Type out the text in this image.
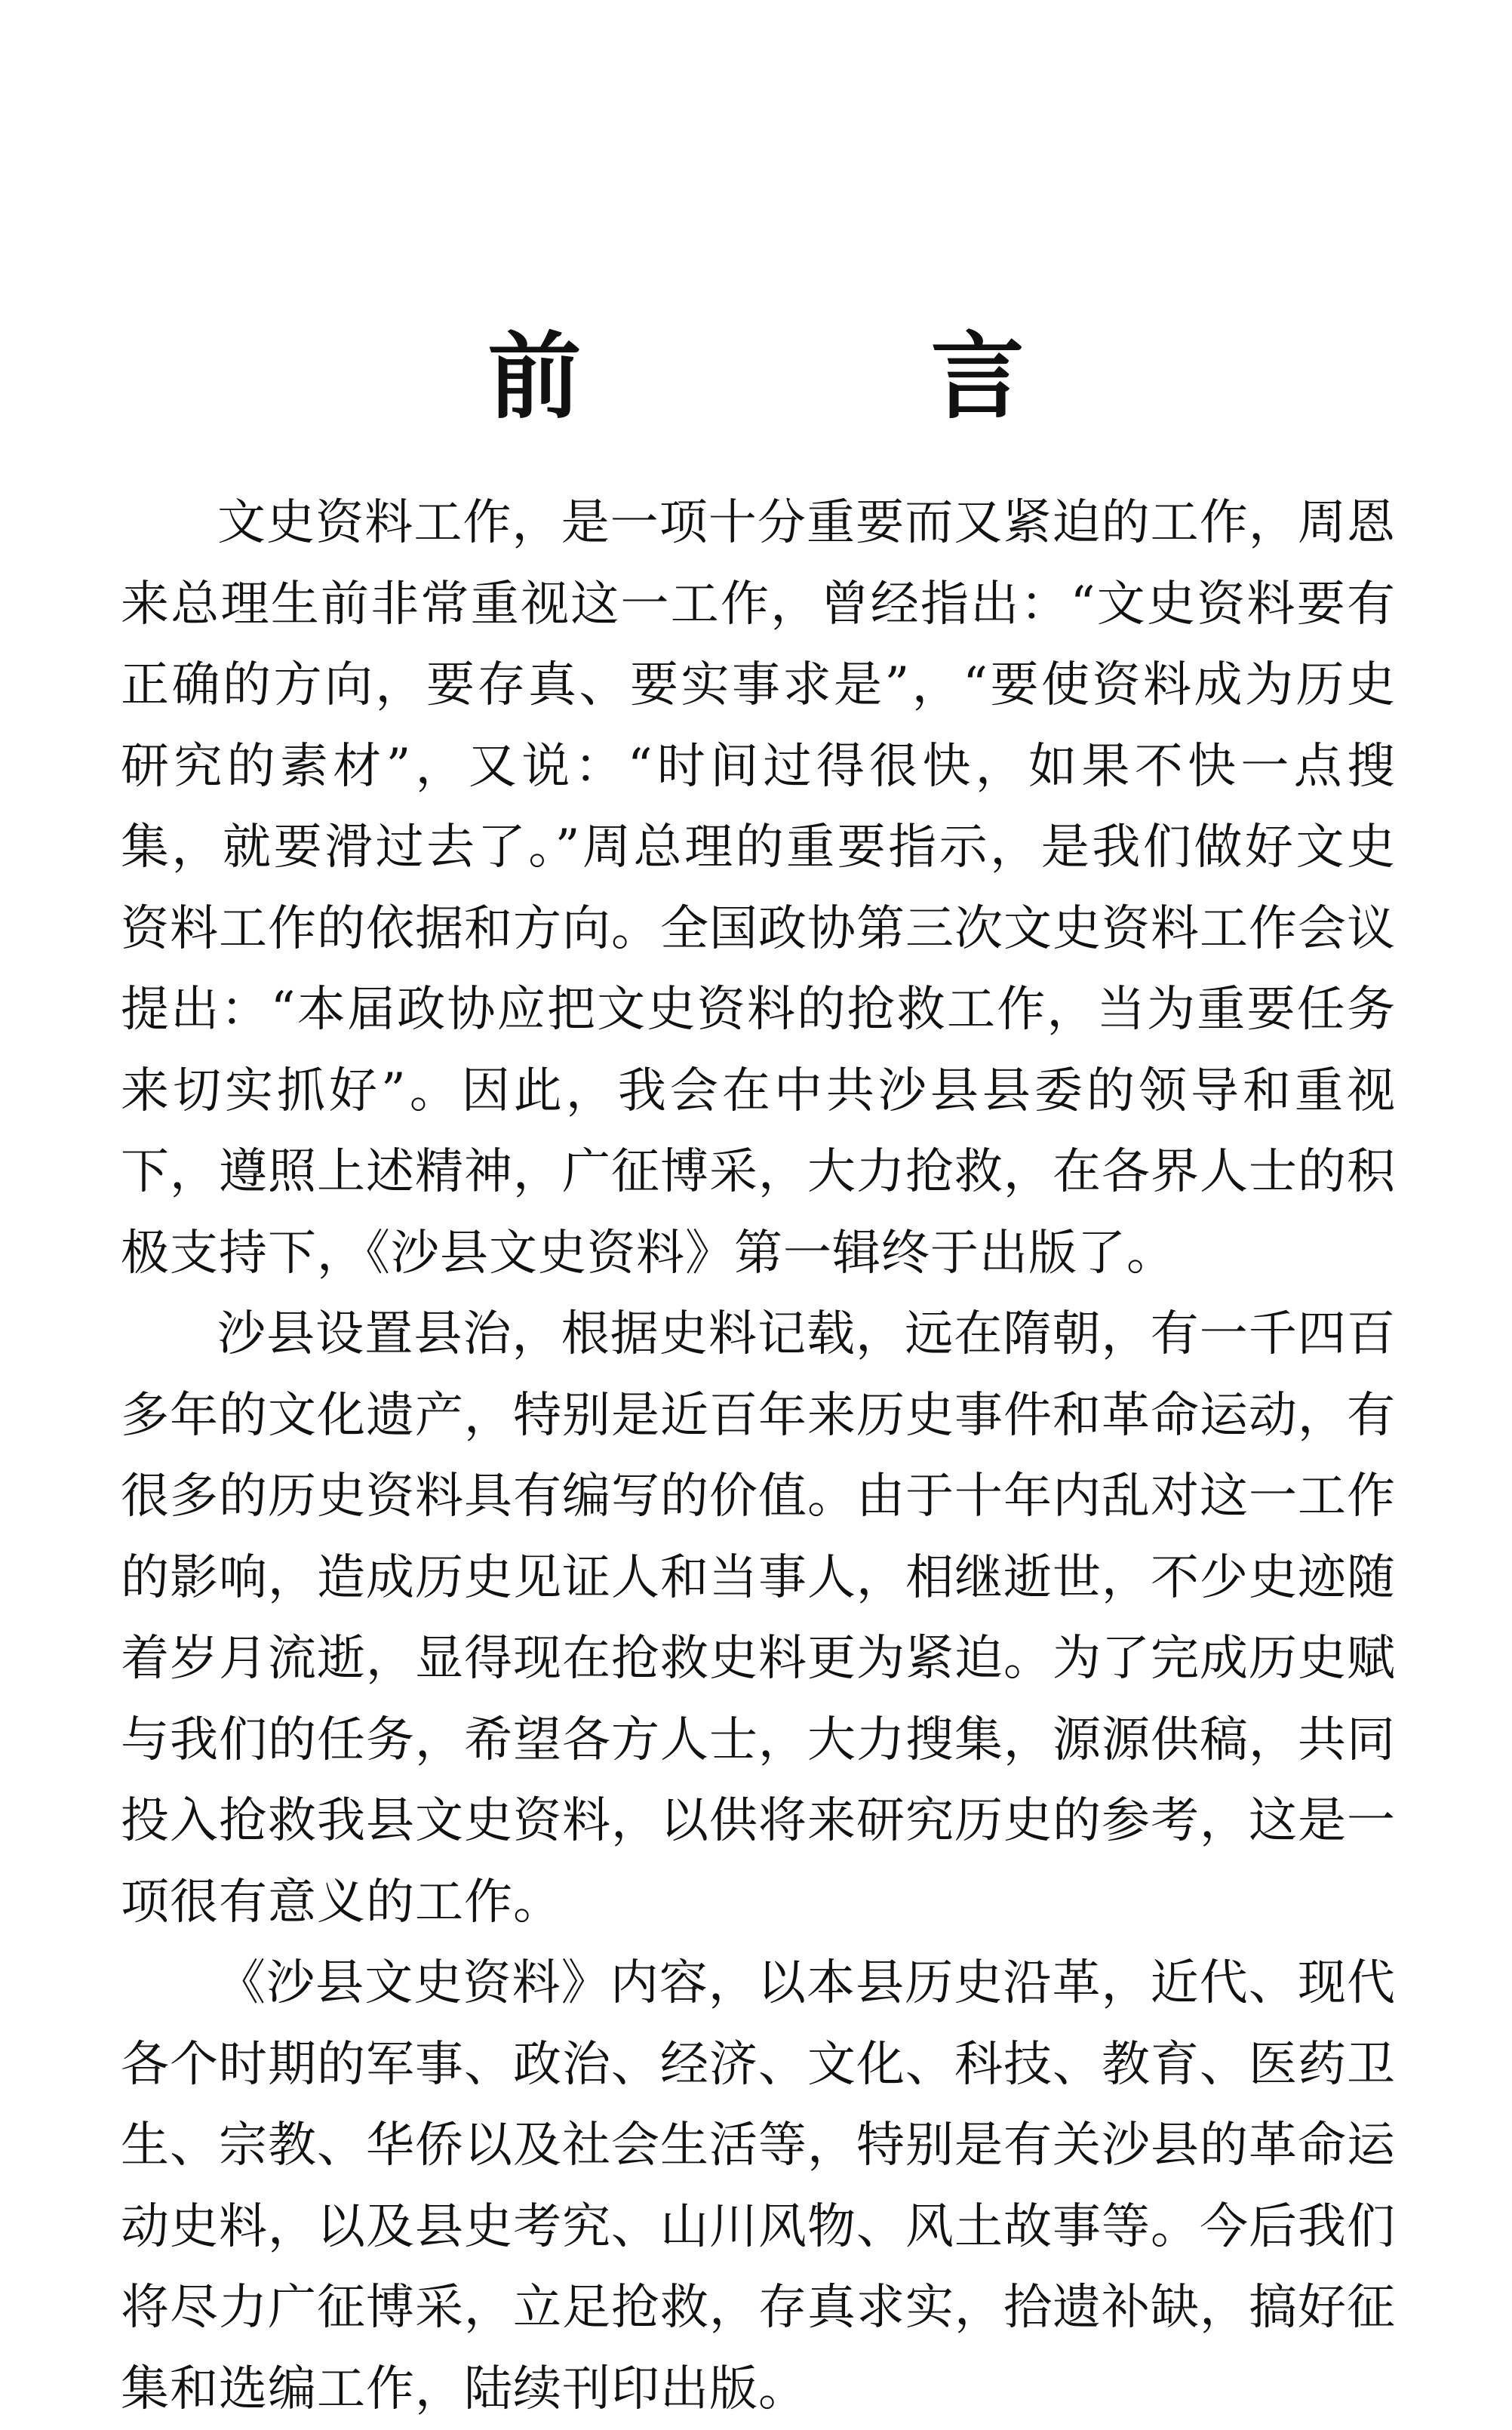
前 言

文史资料工作，是一项十分重要而又紧迫的工作，周恩来总理生前非常重视这一工作，曾经指出：“文史资料要有正确的方向，要存真、要实事求是”，“要使资料成为历史研究的素材”，又说：“时间过得很快，如果不快一点搜集，就要滑过去了。”周总理的重要指示，是我们做好文史资料工作的依据和方向。全国政协第三次文史资料工作会议提出：“本届政协应把文史资料的抢救工作，当为重要任务来切实抓好”。因此，我会在中共沙县县委的领导和重视下，遵照上述精神，广征博采，大力抢救，在各界人士的积极支持下，《沙县文史资料》第一辑终于出版了。

沙县设置县治，根据史料记载，远在隋朝，有一千四百多年的文化遗产，特别是近百年来历史事件和革命运动，有很多的历史资料具有编写的价值。由于十年内乱对这一工作的影响，造成历史见证人和当事人，相继逝世，不少史迹随着岁月流逝，显得现在抢救史料更为紧迫。为了完成历史赋与我们的任务，希望各方人士，大力搜集，源源供稿，共同投入抢救我县文史资料，以供将来研究历史的参考，这是一项很有意义的工作。

《沙县文史资料》内容，以本县历史沿革，近代、现代各个时期的军事、政治、经济、文化、科技、教育、医药卫生、宗教、华侨以及社会生活等，特别是有关沙县的革命运动史料，以及县史考究、山川风物、风土故事等。今后我们将尽力广征博采，立足抢救，存真求实，拾遗补缺，搞好征集和选编工作，陆续刊印出版。
